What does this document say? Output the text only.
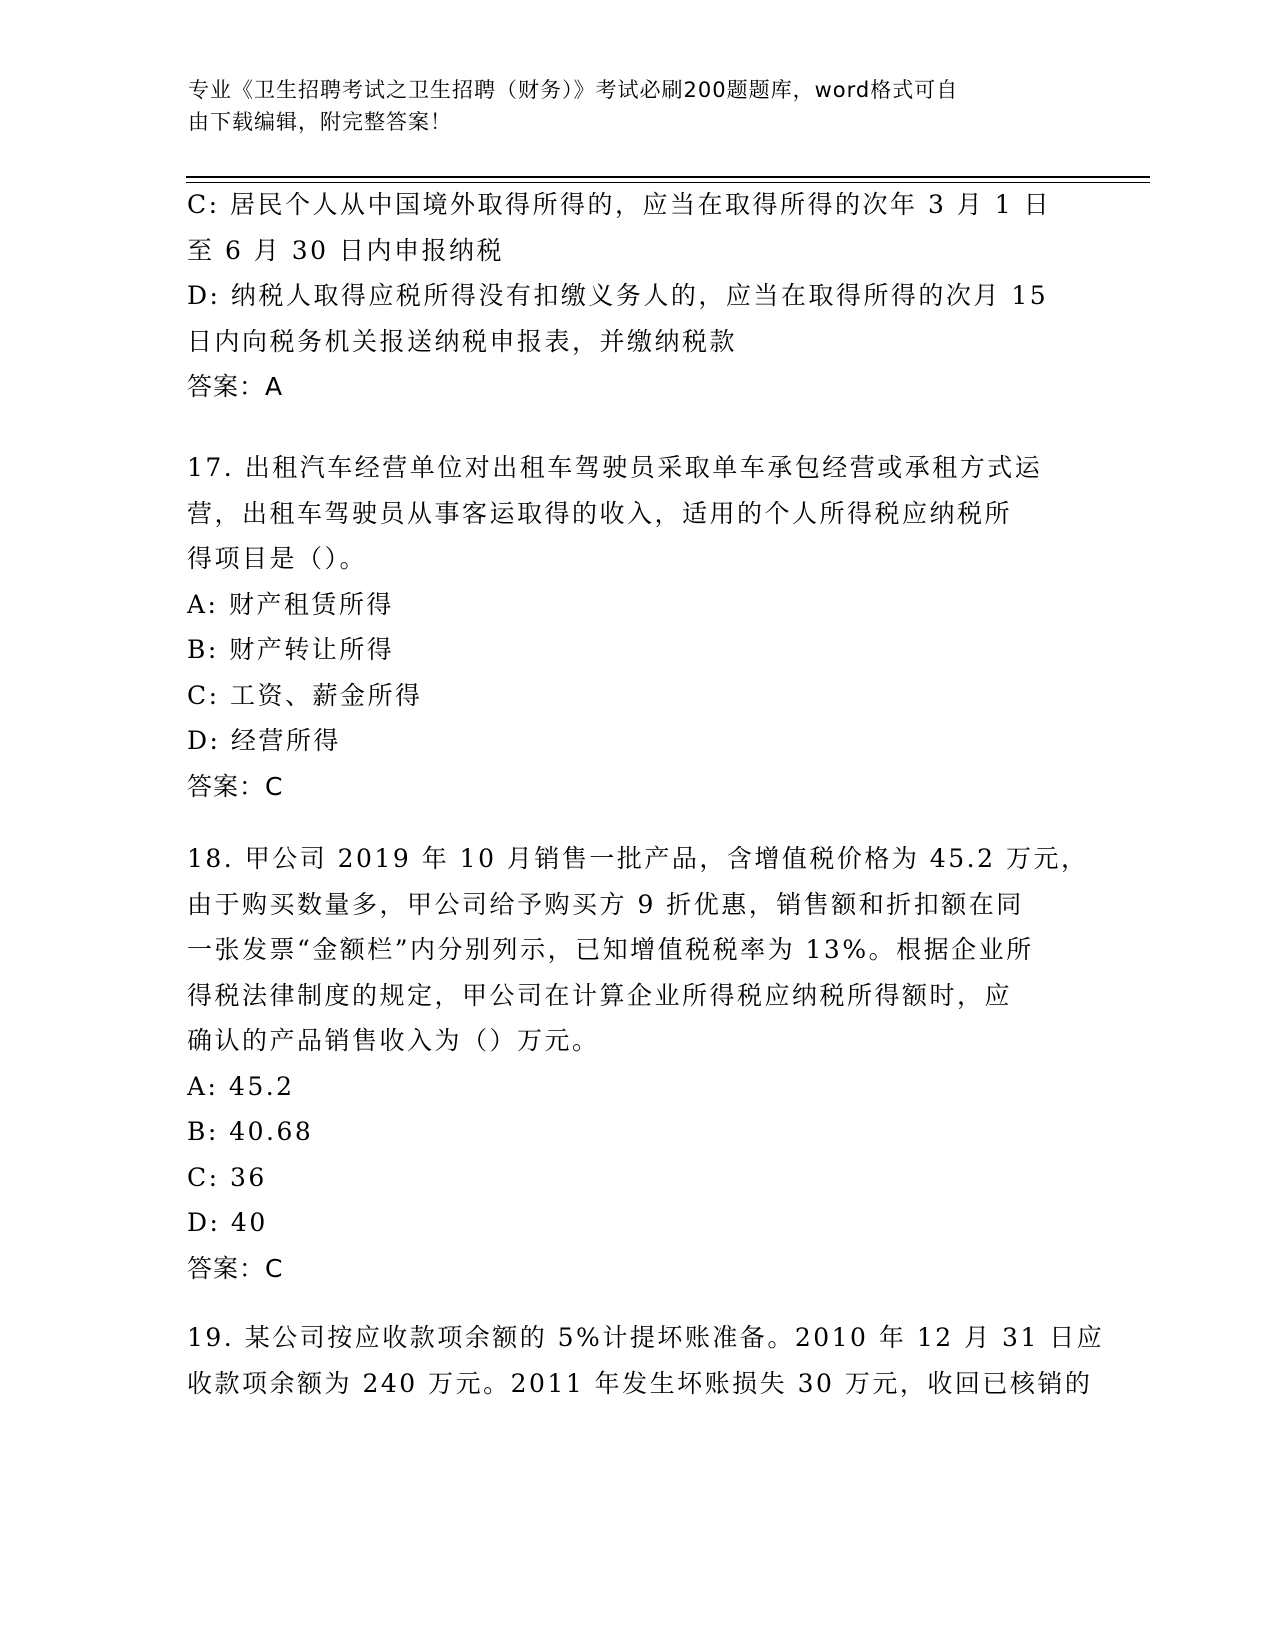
专业《卫生招聘考试之卫生招聘（财务）》考试必刷200题题库，word格式可自
由下载编辑，附完整答案！
C: 居民个人从中国境外取得所得的，应当在取得所得的次年 3 月 1 日
至 6 月 30 日内申报纳税
D: 纳税人取得应税所得没有扣缴义务人的，应当在取得所得的次月 15
日内向税务机关报送纳税申报表，并缴纳税款
答案：A
17. 出租汽车经营单位对出租车驾驶员采取单车承包经营或承租方式运
营，出租车驾驶员从事客运取得的收入，适用的个人所得税应纳税所
得项目是（）。
A: 财产租赁所得
B: 财产转让所得
C: 工资、薪金所得
D: 经营所得
答案：C
18. 甲公司 2019 年 10 月销售一批产品，含增值税价格为 45.2 万元，
由于购买数量多，甲公司给予购买方 9 折优惠，销售额和折扣额在同
一张发票“金额栏”内分别列示，已知增值税税率为 13%。根据企业所
得税法律制度的规定，甲公司在计算企业所得税应纳税所得额时，应
确认的产品销售收入为（）万元。
A: 45.2
B: 40.68
C: 36
D: 40
答案：C
19. 某公司按应收款项余额的 5%计提坏账准备。2010 年 12 月 31 日应
收款项余额为 240 万元。2011 年发生坏账损失 30 万元，收回已核销的
